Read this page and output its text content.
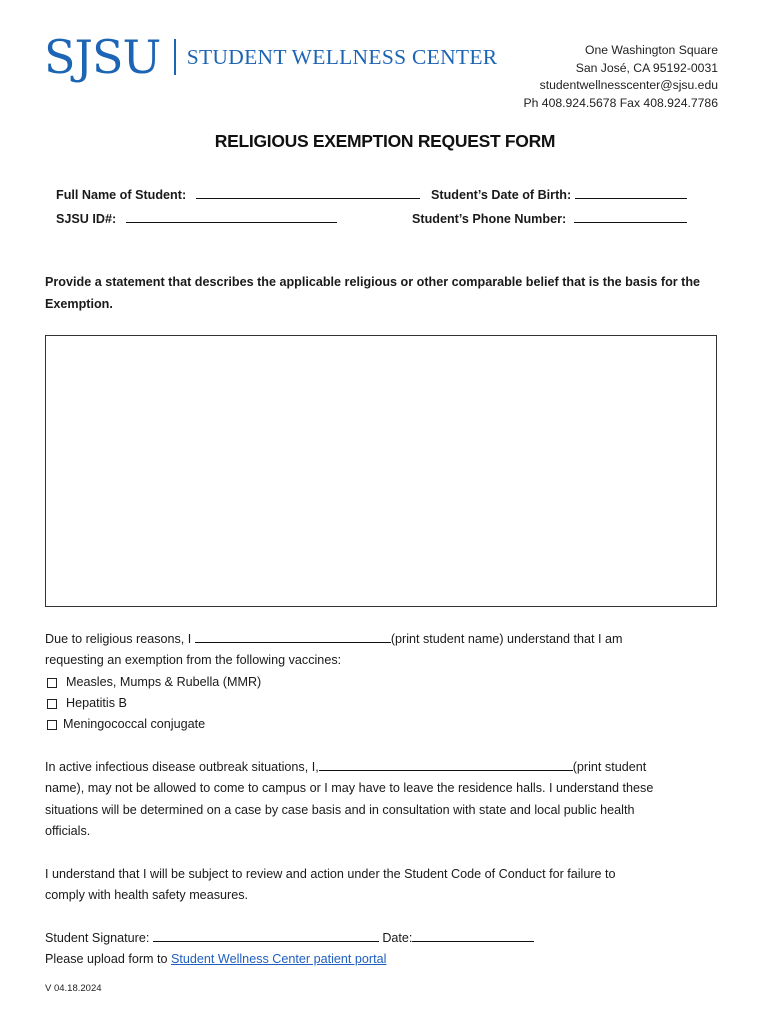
SJSU STUDENT WELLNESS CENTER	One Washington Square
San José, CA 95192-0031
studentwellnesscenter@sjsu.edu
Ph 408.924.5678 Fax 408.924.7786
RELIGIOUS EXEMPTION REQUEST FORM
Full Name of Student:	Student’s Date of Birth:
SJSU ID#:	Student’s Phone Number:
Provide a statement that describes the applicable religious or other comparable belief that is the basis for the Exemption.
Due to religious reasons, I	(print student name) understand that I am
requesting an exemption from the following vaccines:
Measles, Mumps & Rubella (MMR)
Hepatitis B
Meningococcal conjugate
In active infectious disease outbreak situations, I,	(print student
name), may not be allowed to come to campus or I may have to leave the residence halls. I understand these
situations will be determined on a case by case basis and in consultation with state and local public health
officials.
I understand that I will be subject to review and action under the Student Code of Conduct for failure to
comply with health safety measures.
Student Signature:	Date:
Please upload form to Student Wellness Center patient portal
V 04.18.2024
